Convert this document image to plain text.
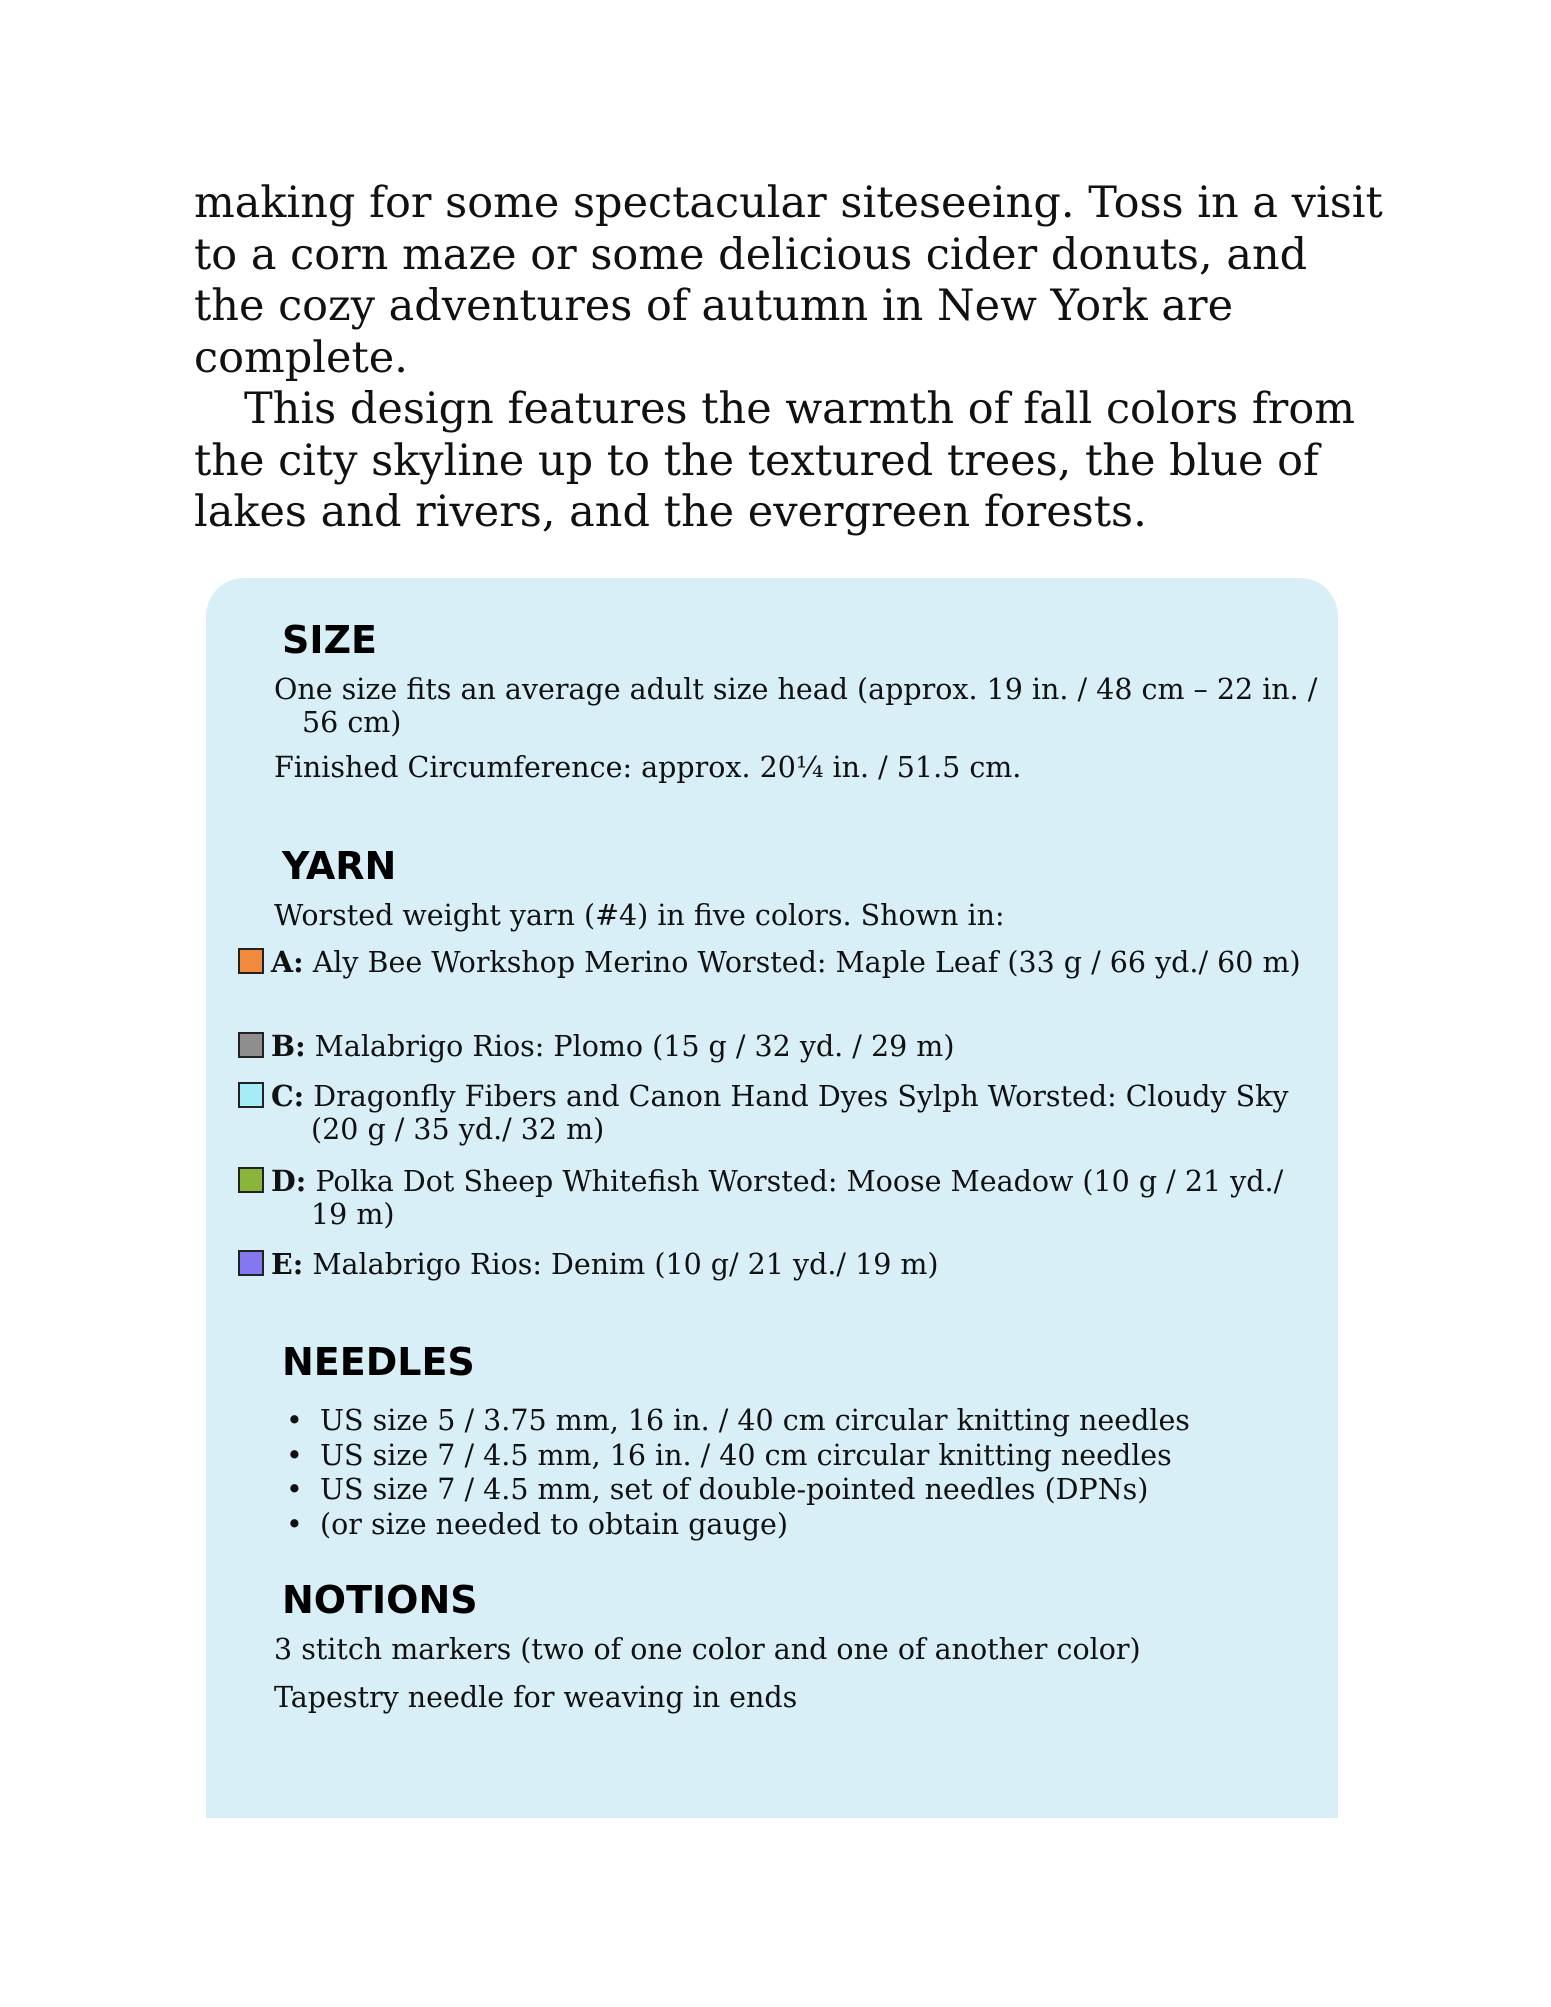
making for some spectacular siteseeing. Toss in a visit to a corn maze or some delicious cider donuts, and the cozy adventures of autumn in New York are complete.

This design features the warmth of fall colors from the city skyline up to the textured trees, the blue of lakes and rivers, and the evergreen forests.

SIZE

One size fits an average adult size head (approx. 19 in. / 48 cm – 22 in. / 56 cm)

Finished Circumference: approx. 20¼ in. / 51.5 cm.

YARN

Worsted weight yarn (#4) in five colors. Shown in:

A: Aly Bee Workshop Merino Worsted: Maple Leaf (33 g / 66 yd./ 60 m)
B: Malabrigo Rios: Plomo (15 g / 32 yd. / 29 m)
C: Dragonfly Fibers and Canon Hand Dyes Sylph Worsted: Cloudy Sky (20 g / 35 yd./ 32 m)
D: Polka Dot Sheep Whitefish Worsted: Moose Meadow (10 g / 21 yd./ 19 m)
E: Malabrigo Rios: Denim (10 g/ 21 yd./ 19 m)
NEEDLES
• US size 5 / 3.75 mm, 16 in. / 40 cm circular knitting needles
• US size 7 / 4.5 mm, 16 in. / 40 cm circular knitting needles
• US size 7 / 4.5 mm, set of double-pointed needles (DPNs)
• (or size needed to obtain gauge)
NOTIONS

3 stitch markers (two of one color and one of another color)

Tapestry needle for weaving in ends
